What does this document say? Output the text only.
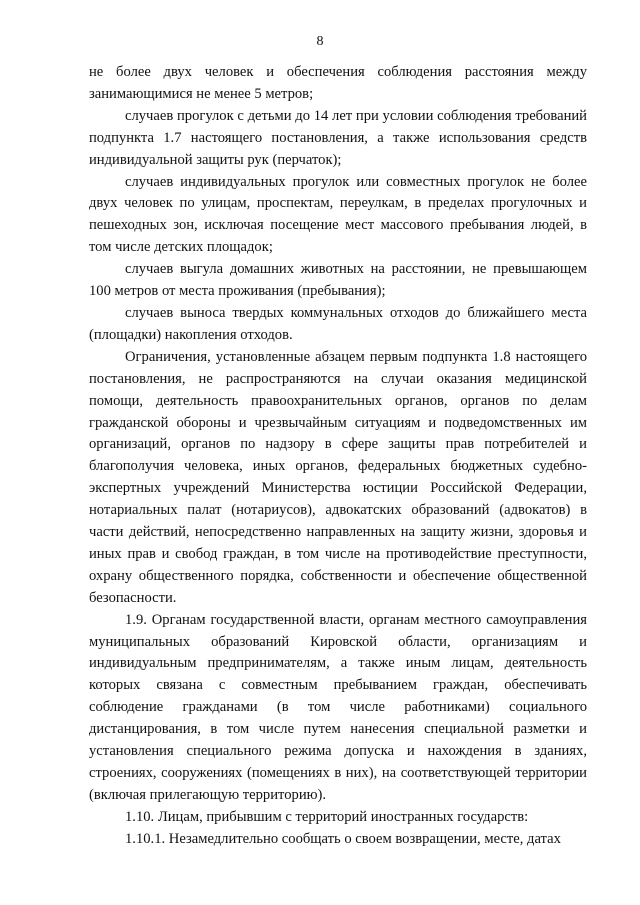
8

не более двух человек и обеспечения соблюдения расстояния между занимающимися не менее 5 метров;

случаев прогулок с детьми до 14 лет при условии соблюдения требований подпункта 1.7 настоящего постановления, а также использования средств индивидуальной защиты рук (перчаток);

случаев индивидуальных прогулок или совместных прогулок не более двух человек по улицам, проспектам, переулкам, в пределах прогулочных и пешеходных зон, исключая посещение мест массового пребывания людей, в том числе детских площадок;

случаев выгула домашних животных на расстоянии, не превышающем 100 метров от места проживания (пребывания);

случаев выноса твердых коммунальных отходов до ближайшего места (площадки) накопления отходов.

Ограничения, установленные абзацем первым подпункта 1.8 настоящего постановления, не распространяются на случаи оказания медицинской помощи, деятельность правоохранительных органов, органов по делам гражданской обороны и чрезвычайным ситуациям и подведомственных им организаций, органов по надзору в сфере защиты прав потребителей и благополучия человека, иных органов, федеральных бюджетных судебно-экспертных учреждений Министерства юстиции Российской Федерации, нотариальных палат (нотариусов), адвокатских образований (адвокатов) в части действий, непосредственно направленных на защиту жизни, здоровья и иных прав и свобод граждан, в том числе на противодействие преступности, охрану общественного порядка, собственности и обеспечение общественной безопасности.

1.9. Органам государственной власти, органам местного самоуправления муниципальных образований Кировской области, организациям и индивидуальным предпринимателям, а также иным лицам, деятельность которых связана с совместным пребыванием граждан, обеспечивать соблюдение гражданами (в том числе работниками) социального дистанцирования, в том числе путем нанесения специальной разметки и установления специального режима допуска и нахождения в зданиях, строениях, сооружениях (помещениях в них), на соответствующей территории (включая прилегающую территорию).

1.10. Лицам, прибывшим с территорий иностранных государств:

1.10.1. Незамедлительно сообщать о своем возвращении, месте, датах
